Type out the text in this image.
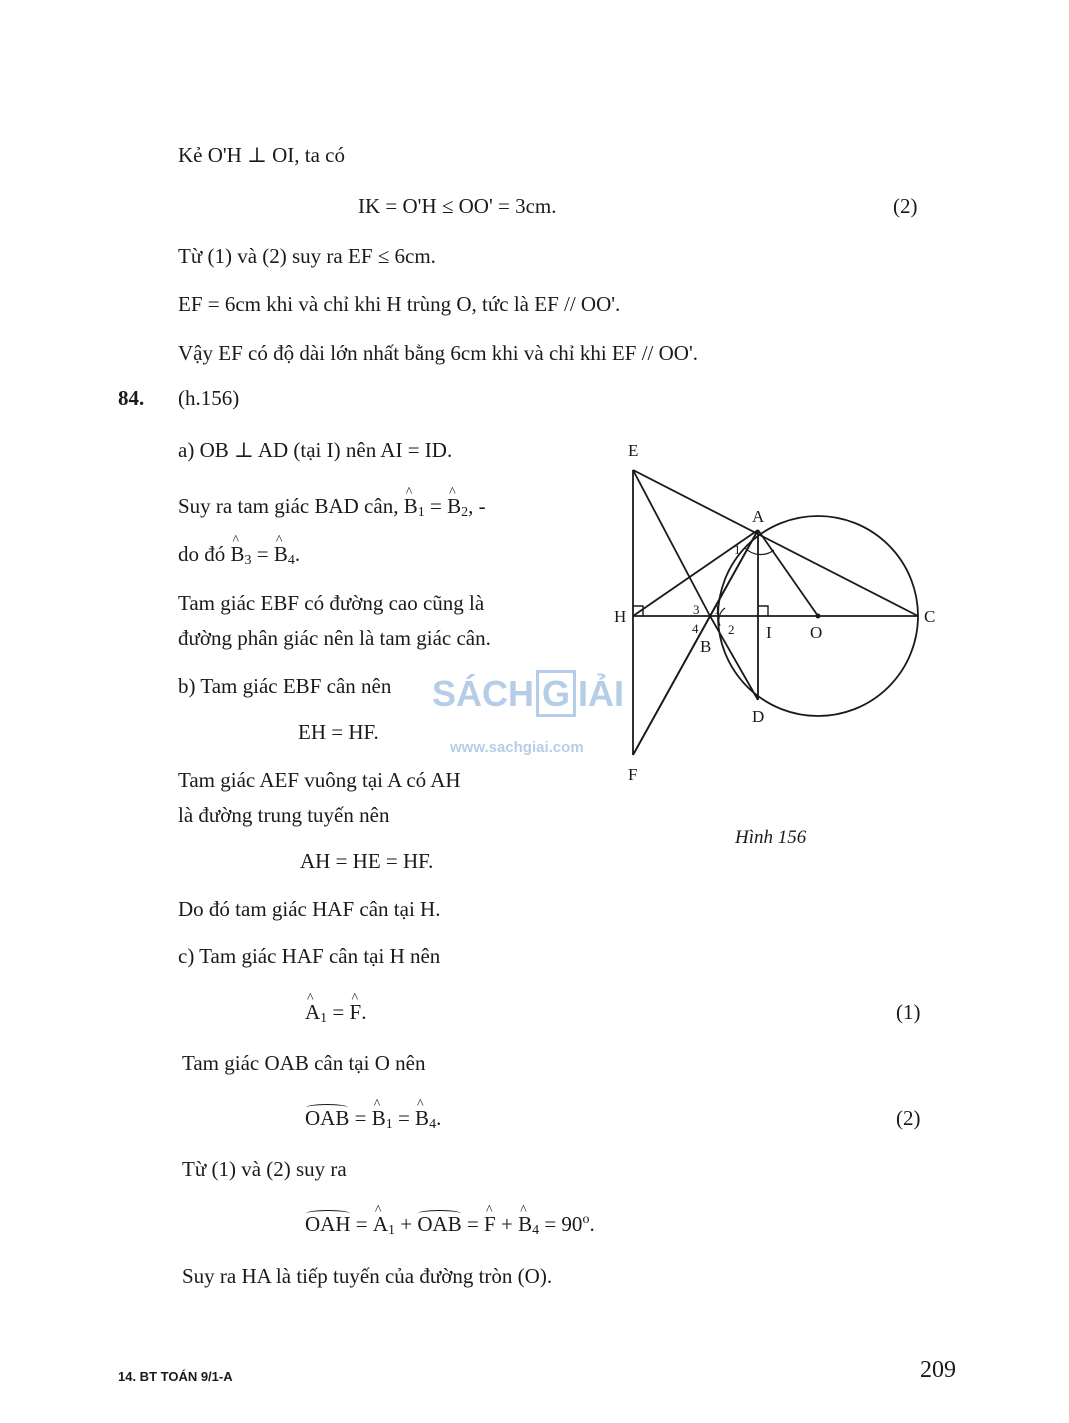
Kẻ O'H ⊥ OI, ta có
IK = O'H ≤ OO' = 3cm.	(2)
Từ (1) và (2) suy ra EF ≤ 6cm.
EF = 6cm khi và chỉ khi H trùng O, tức là EF // OO'.
Vậy EF có độ dài lớn nhất bằng 6cm khi và chỉ khi EF // OO'.
84. (h.156)
a) OB ⊥ AD (tại I) nên AI = ID.
Suy ra tam giác BAD cân, ^ $B_1$ = ^ $B_2$, -
do đó ^ $B_3$ = ^ $B_4$.
Tam giác EBF có đường cao cũng là
đường phân giác nên là tam giác cân.
b) Tam giác EBF cân nên
EH = HF.
Tam giác AEF vuông tại A có AH
là đường trung tuyến nên
AH = HE = HF.
Do đó tam giác HAF cân tại H.
c) Tam giác HAF cân tại H nên
^ $A_1$ = ^ F.	(1)
Tam giác OAB cân tại O nên
OAB = ^ $B_1$ = ^ $B_4$.	(2)
Từ (1) và (2) suy ra
OAH = ^ $A_1$ + OAB = ^ F + ^ $B_4 = 90^o$.
Suy ra HA là tiếp tuyến của đường tròn (O).
E
A
H	C
B
I O
D
F
1
2
3
4
1
Hình 156
SÁCH G IẢI
www.sachgiai.com
14. BT TOÁN 9/1-A	209
